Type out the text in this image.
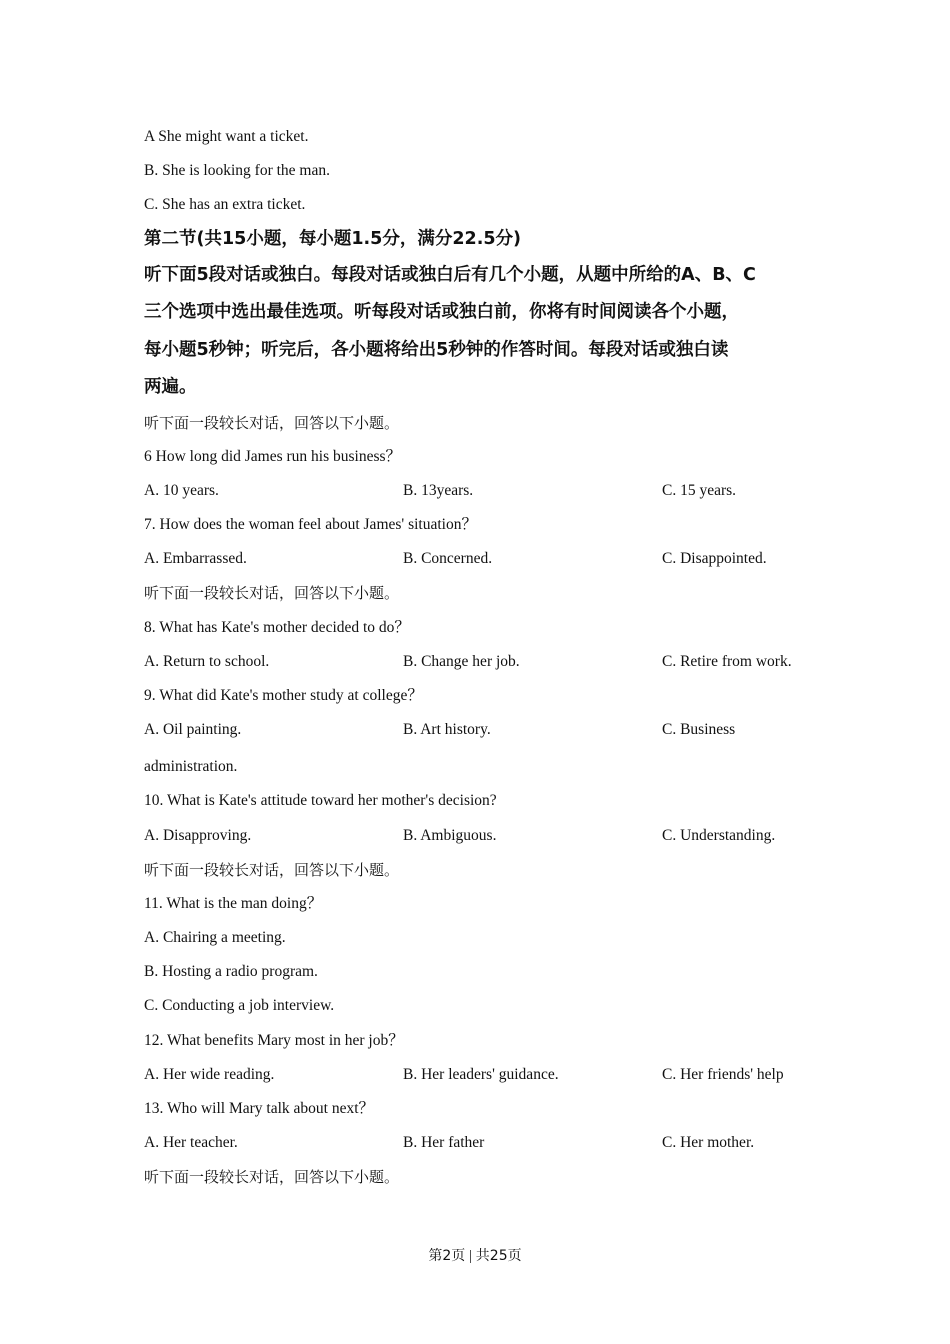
A She might want a ticket.
B. She is looking for the man.
C. She has an extra ticket.
第二节(共15小题，每小题1.5分，满分22.5分)
听下面5段对话或独白。每段对话或独白后有几个小题，从题中所给的A、B、C
三个选项中选出最佳选项。听每段对话或独白前，你将有时间阅读各个小题，
每小题5秒钟；听完后，各小题将给出5秒钟的作答时间。每段对话或独白读
两遍。
听下面一段较长对话，回答以下小题。
6 How long did James run his business？
A. 10 years.	B. 13years.	C. 15 years.
7. How does the woman feel about James' situation？
A. Embarrassed.	B. Concerned.	C. Disappointed.
听下面一段较长对话，回答以下小题。
8. What has Kate's mother decided to do？
A. Return to school.	B. Change her job.	C. Retire from work.
9. What did Kate's mother study at college？
A. Oil painting.	B. Art history.	C. Business
administration.
10. What is Kate's attitude toward her mother's decision?
A. Disapproving.	B. Ambiguous.	C. Understanding.
听下面一段较长对话，回答以下小题。
11. What is the man doing？
A. Chairing a meeting.
B. Hosting a radio program.
C. Conducting a job interview.
12. What benefits Mary most in her job？
A. Her wide reading.	B. Her leaders' guidance.	C. Her friends' help
13. Who will Mary talk about next？
A. Her teacher.	B. Her father	C. Her mother.
听下面一段较长对话，回答以下小题。
第2页 | 共25页
